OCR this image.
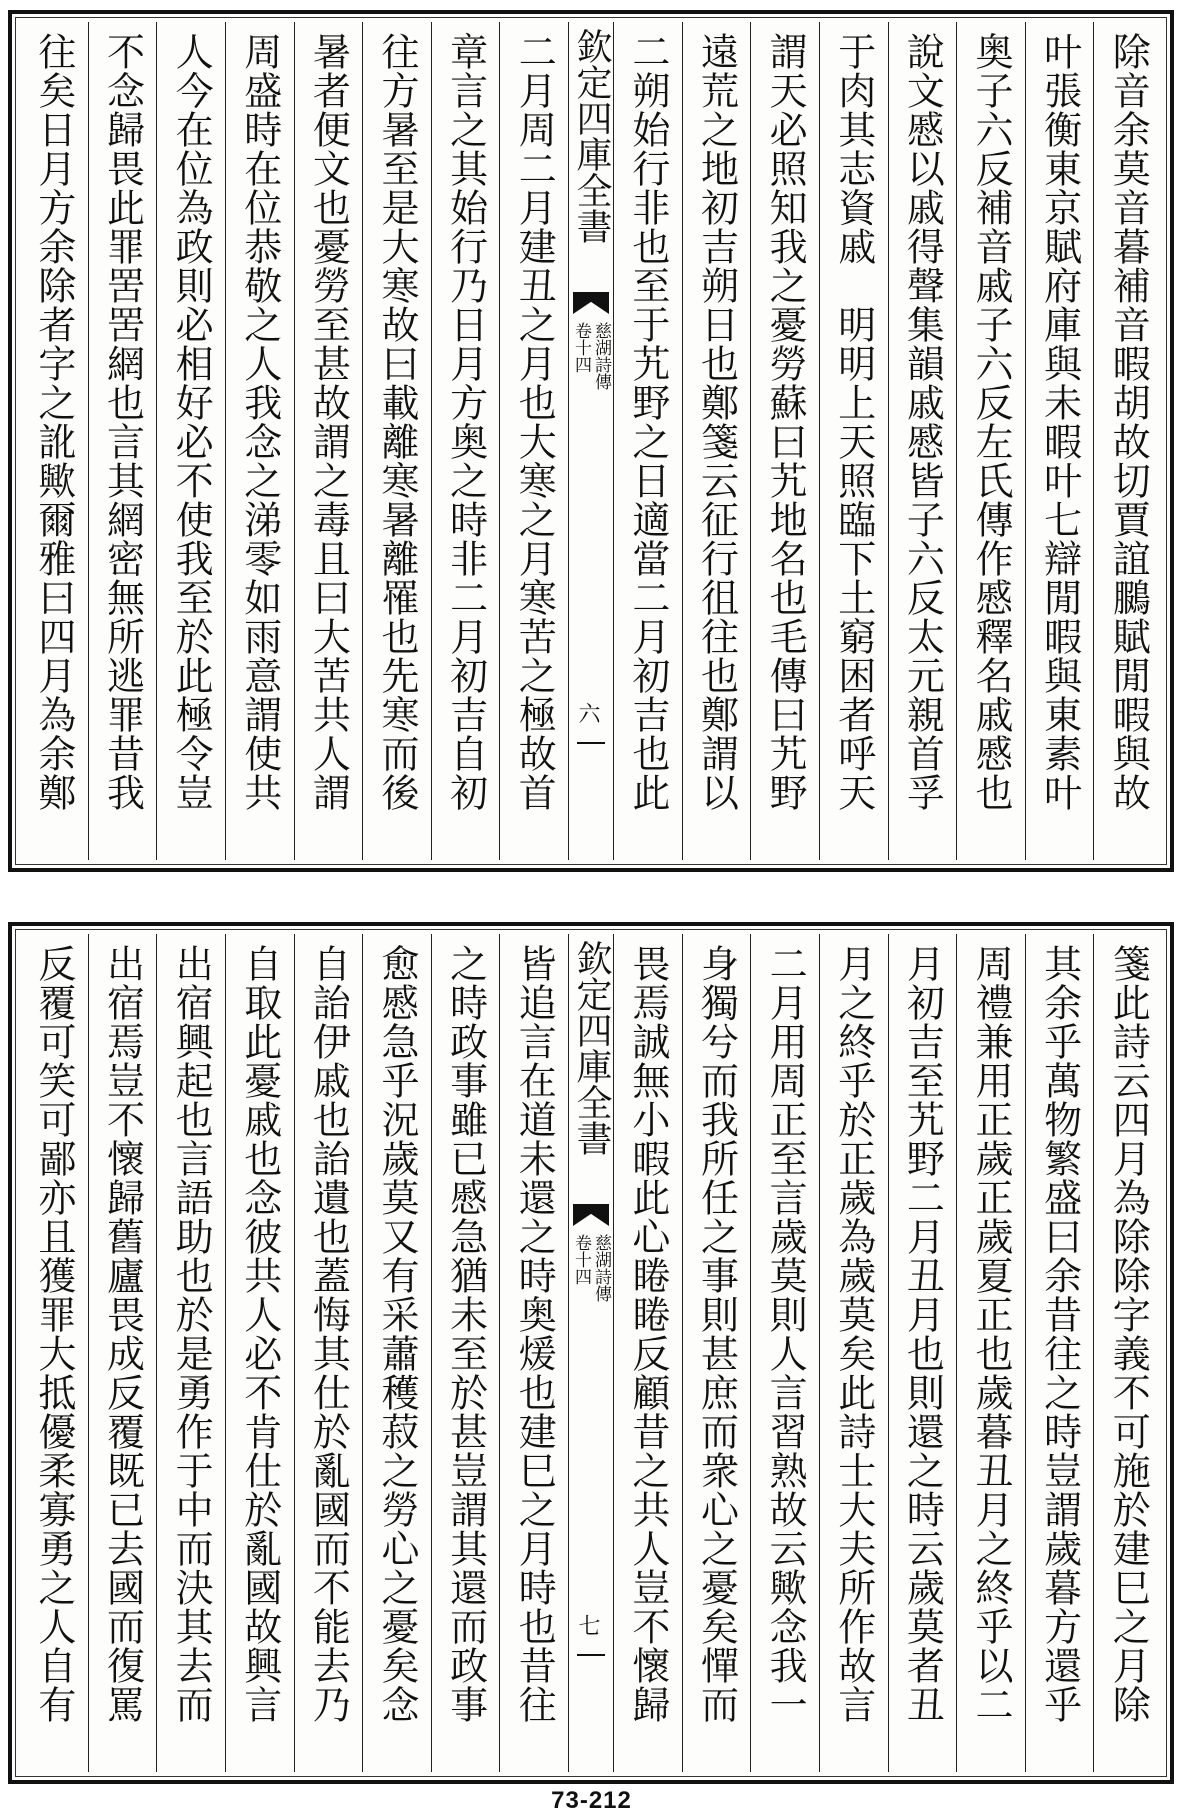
除音余莫音暮補音暇胡故切賈誼鵩賦閒暇與故
叶張衡東京賦府庫與未暇叶七辯閒暇與東素叶
奥子六反補音戚子六反左氏傳作慼釋名戚慼也
說文慼以戚得聲集韻戚慼皆子六反太元親首孚
于肉其志資戚　明明上天照臨下土窮困者呼天
謂天必照知我之憂勞蘇曰艽地名也毛傳曰艽野
遠荒之地初吉朔日也鄭箋云征行徂往也鄭謂以
二朔始行非也至于艽野之日適當二月初吉也此
欽定四庫全書
慈湖詩傳
卷十四
六
二月周二月建丑之月也大寒之月寒苦之極故首
章言之其始行乃日月方奥之時非二月初吉自初
往方暑至是大寒故曰載離寒暑離罹也先寒而後
暑者便文也憂勞至甚故謂之毒且曰大苦共人謂
周盛時在位恭敬之人我念之涕零如雨意謂使共
人今在位為政則必相好必不使我至於此極令豈
不念歸畏此罪罟罟網也言其網密無所逃罪昔我
往矣日月方余除者字之訛歟爾雅曰四月為余鄭
箋此詩云四月為除除字義不可施於建巳之月除
其余乎萬物繁盛曰余昔往之時豈謂歲暮方還乎
周禮兼用正歲正歲夏正也歲暮丑月之終乎以二
月初吉至艽野二月丑月也則還之時云歲莫者丑
月之終乎於正歲為歲莫矣此詩士大夫所作故言
二月用周正至言歲莫則人言習熟故云歟念我一
身獨兮而我所任之事則甚庶而衆心之憂矣憚而
畏焉誠無小暇此心睠睠反顧昔之共人豈不懷歸
欽定四庫全書
慈湖詩傳
卷十四
七
皆追言在道未還之時奥煖也建巳之月時也昔往
之時政事雖已慼急猶未至於甚豈謂其還而政事
愈慼急乎況歲莫又有采蕭穫菽之勞心之憂矣念
自詒伊戚也詒遺也蓋悔其仕於亂國而不能去乃
自取此憂戚也念彼共人必不肯仕於亂國故興言
出宿興起也言語助也於是勇作于中而決其去而
出宿焉豈不懷歸舊廬畏成反覆既已去國而復罵
反覆可笑可鄙亦且獲罪大抵優柔寡勇之人自有
73-212
